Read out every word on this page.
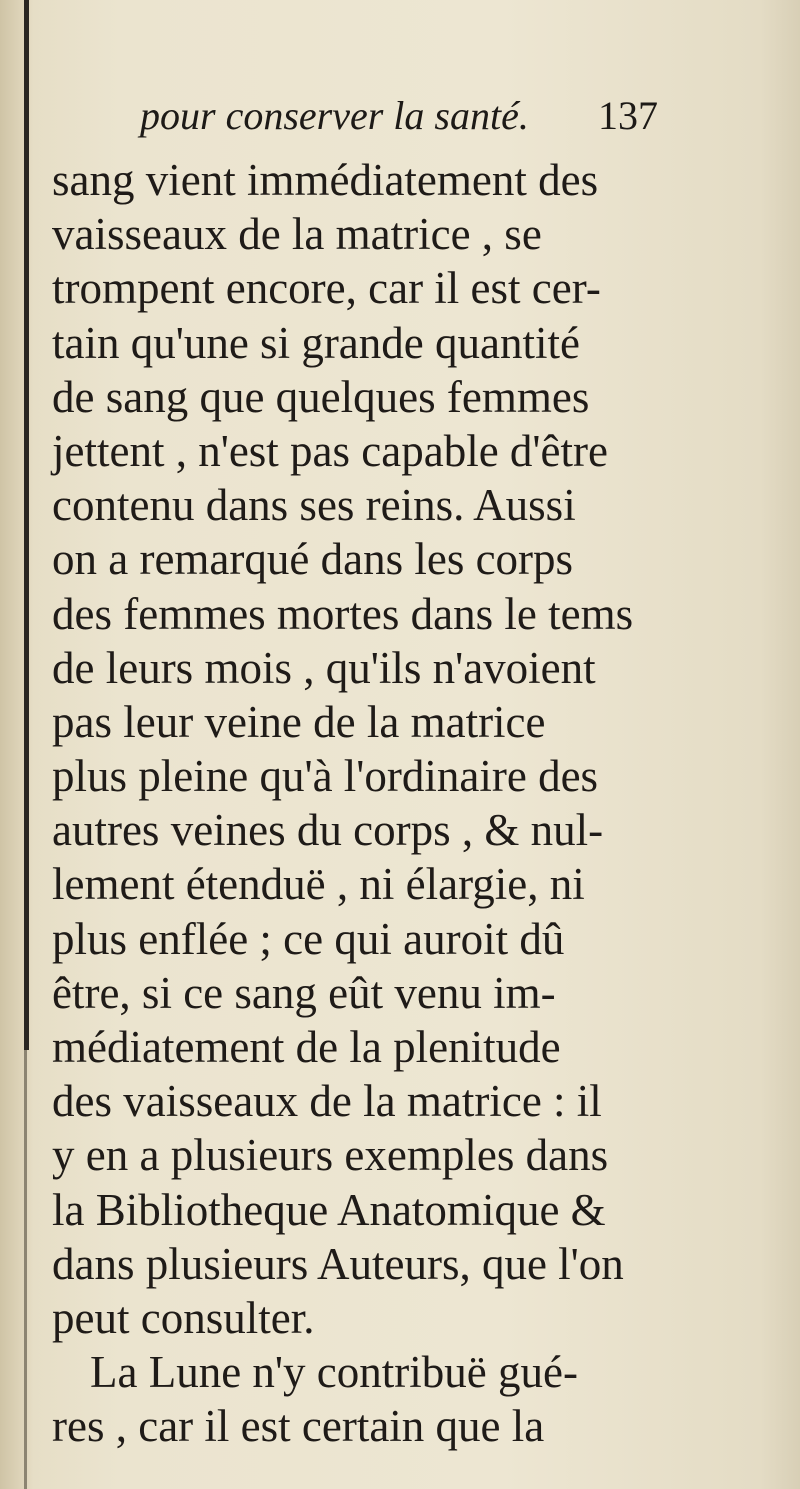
pour conserver la santé.	137
sang vient immédiatement des
vaisseaux de la matrice , se
trompent encore, car il est cer-
tain qu'une si grande quantité
de sang que quelques femmes
jettent , n'est pas capable d'être
contenu dans ses reins. Aussi
on a remarqué dans les corps
des femmes mortes dans le tems
de leurs mois , qu'ils n'avoient
pas leur veine de la matrice
plus pleine qu'à l'ordinaire des
autres veines du corps , & nul-
lement étenduë , ni élargie, ni
plus enflée ; ce qui auroit dû
être, si ce sang eût venu im-
médiatement de la plenitude
des vaisseaux de la matrice : il
y en a plusieurs exemples dans
la Bibliotheque Anatomique &
dans plusieurs Auteurs, que l'on
peut consulter.
La Lune n'y contribuë gué-
res , car il est certain que la
